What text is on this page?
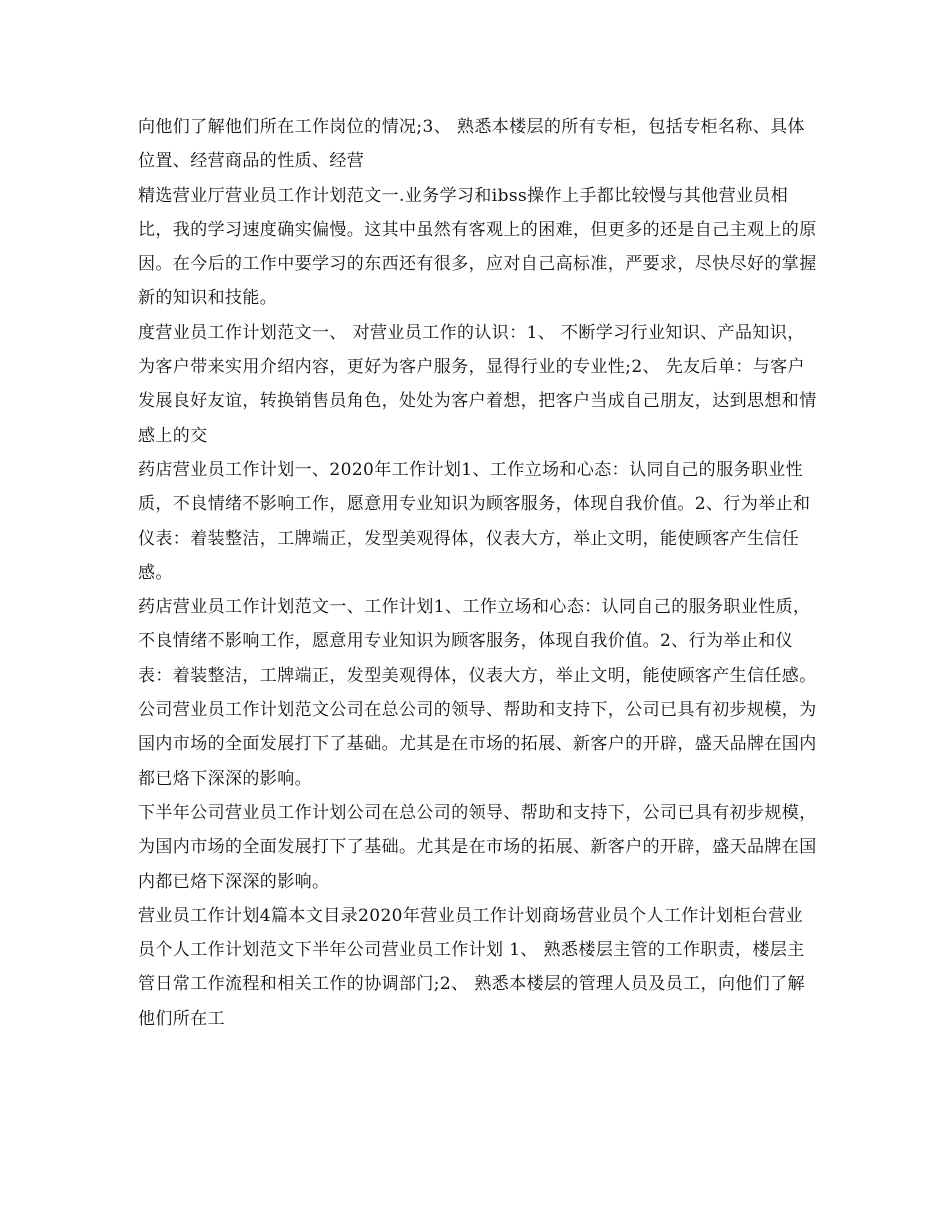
向他们了解他们所在工作岗位的情况;3、 熟悉本楼层的所有专柜，包括专柜名称、具体位置、经营商品的性质、经营

精选营业厅营业员工作计划范文一.业务学习和ibss操作上手都比较慢与其他营业员相比，我的学习速度确实偏慢。这其中虽然有客观上的困难，但更多的还是自己主观上的原因。在今后的工作中要学习的东西还有很多，应对自己高标准，严要求，尽快尽好的掌握新的知识和技能。

度营业员工作计划范文一、 对营业员工作的认识：1、 不断学习行业知识、产品知识，为客户带来实用介绍内容，更好为客户服务，显得行业的专业性;2、 先友后单：与客户发展良好友谊，转换销售员角色，处处为客户着想，把客户当成自己朋友，达到思想和情感上的交

药店营业员工作计划一、2020年工作计划1、工作立场和心态：认同自己的服务职业性质，不良情绪不影响工作，愿意用专业知识为顾客服务，体现自我价值。2、行为举止和仪表：着装整洁，工牌端正，发型美观得体，仪表大方，举止文明，能使顾客产生信任感。

药店营业员工作计划范文一、工作计划1、工作立场和心态：认同自己的服务职业性质，不良情绪不影响工作，愿意用专业知识为顾客服务，体现自我价值。2、行为举止和仪表：着装整洁，工牌端正，发型美观得体，仪表大方，举止文明，能使顾客产生信任感。

公司营业员工作计划范文公司在总公司的领导、帮助和支持下，公司已具有初步规模，为国内市场的全面发展打下了基础。尤其是在市场的拓展、新客户的开辟，盛天品牌在国内都已烙下深深的影响。

下半年公司营业员工作计划公司在总公司的领导、帮助和支持下，公司已具有初步规模，为国内市场的全面发展打下了基础。尤其是在市场的拓展、新客户的开辟，盛天品牌在国内都已烙下深深的影响。

营业员工作计划4篇本文目录2020年营业员工作计划商场营业员个人工作计划柜台营业员个人工作计划范文下半年公司营业员工作计划 1、 熟悉楼层主管的工作职责，楼层主管日常工作流程和相关工作的协调部门;2、 熟悉本楼层的管理人员及员工，向他们了解他们所在工
